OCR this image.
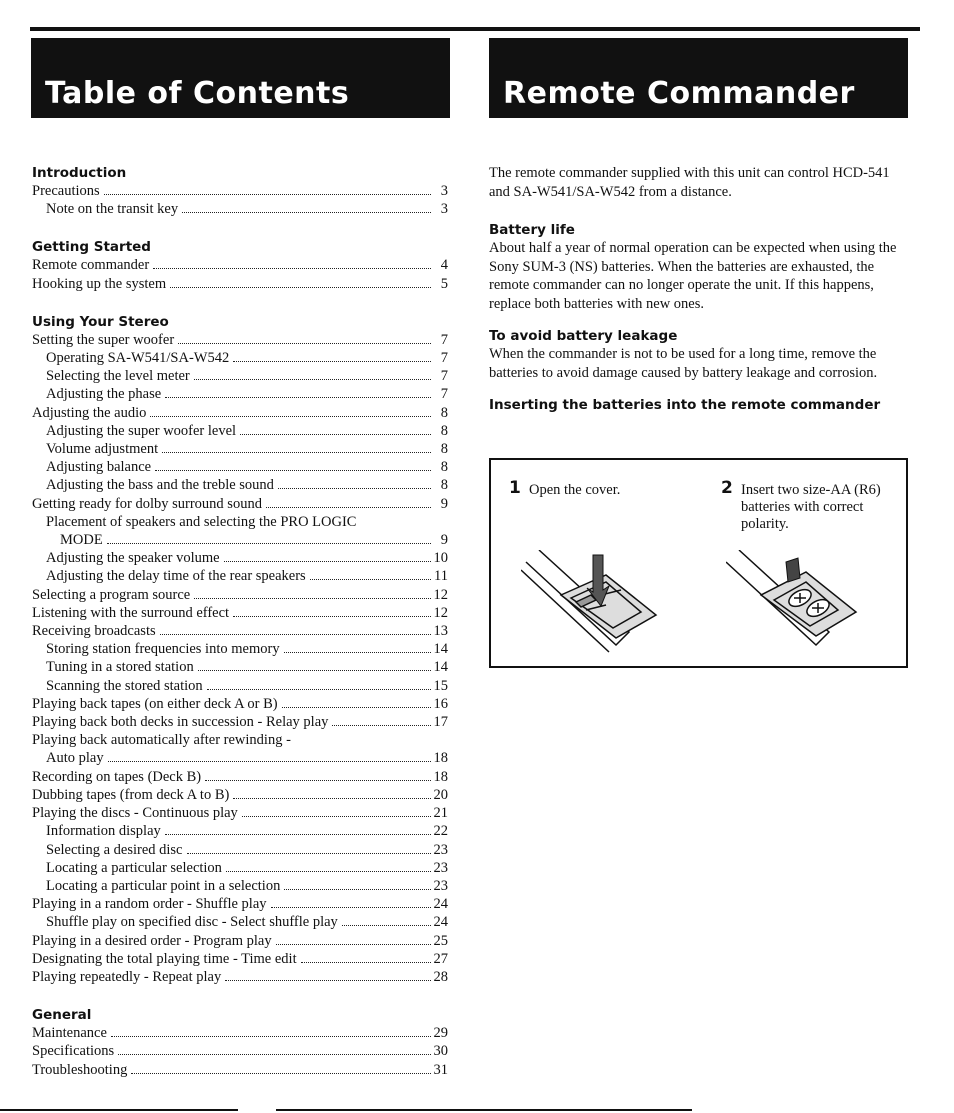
Table of Contents	Remote Commander
Introduction
Precautions	3
Note on the transit key	3
Getting Started
Remote commander	4
Hooking up the system	5
Using Your Stereo
Setting the super woofer	7
Operating SA-W541/SA-W542	7
Selecting the level meter	7
Adjusting the phase	7
Adjusting the audio	8
Adjusting the super woofer level	8
Volume adjustment	8
Adjusting balance	8
Adjusting the bass and the treble sound	8
Getting ready for dolby surround sound	9
Placement of speakers and selecting the PRO LOGIC
MODE	9
Adjusting the speaker volume	10
Adjusting the delay time of the rear speakers	11
Selecting a program source	12
Listening with the surround effect	12
Receiving broadcasts	13
Storing station frequencies into memory	14
Tuning in a stored station	14
Scanning the stored station	15
Playing back tapes (on either deck A or B)	16
Playing back both decks in succession - Relay play	17
Playing back automatically after rewinding -
Auto play	18
Recording on tapes (Deck B)	18
Dubbing tapes (from deck A to B)	20
Playing the discs - Continuous play	21
Information display	22
Selecting a desired disc	23
Locating a particular selection	23
Locating a particular point in a selection	23
Playing in a random order - Shuffle play	24
Shuffle play on specified disc - Select shuffle play	24
Playing in a desired order - Program play	25
Designating the total playing time - Time edit	27
Playing repeatedly - Repeat play	28
General
Maintenance	29
Specifications	30
Troubleshooting	31

The remote commander supplied with this unit can control HCD-541 and SA-W541/SA-W542 from a distance.

Battery life

About half a year of normal operation can be expected when using the Sony SUM-3 (NS) batteries. When the batteries are exhausted, the remote commander can no longer operate the unit. If this happens, replace both batteries with new ones.

To avoid battery leakage

When the commander is not to be used for a long time, remove the batteries to avoid damage caused by battery leakage and corrosion.

Inserting the batteries into the remote commander
1 Open the cover.	2 Insert two size-AA (R6) batteries with correct polarity.
